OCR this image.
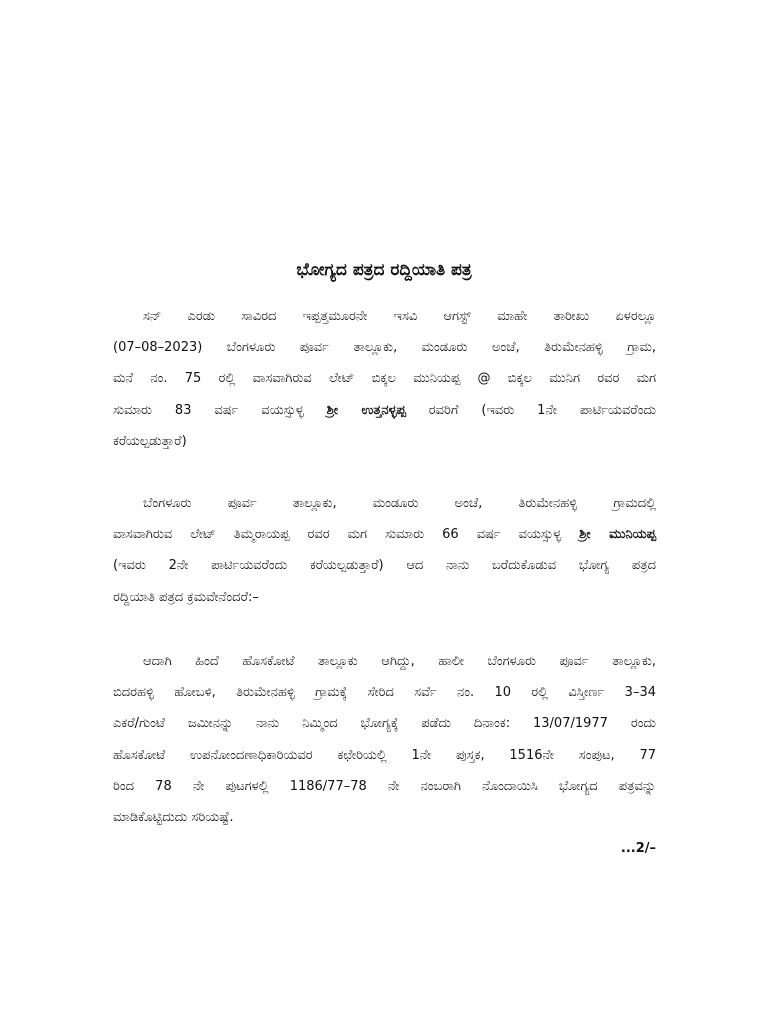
ಭೋಗ್ಯದ ಪತ್ರದ ರದ್ದಿಯಾತಿ ಪತ್ರ

ಸನ್ ಎರಡು ಸಾವಿರದ ಇಪ್ಪತ್ತಮೂರನೇ ಇಸವಿ ಆಗಸ್ಟ್ ಮಾಹೇ ತಾರೀಖು ಏಳರಲ್ಲೂ
(07–08–2023) ಬೆಂಗಳೂರು ಪೂರ್ವ ತಾಲ್ಲೂಕು, ಮಂಡೂರು ಅಂಚೆ, ತಿರುಮೇನಹಳ್ಳಿ ಗ್ರಾಮ,
ಮನೆ ನಂ. 75 ರಲ್ಲಿ ವಾಸವಾಗಿರುವ ಲೇಟ್ ಬಿಕ್ಕಲ ಮುನಿಯಪ್ಪ @ ಬಿಕ್ಕಲ ಮುನಿಗ ರವರ ಮಗ
ಸುಮಾರು 83 ವರ್ಷ ವಯಸ್ಸುಳ್ಳ ಶ್ರೀ ಉತ್ತನಳ್ಳಪ್ಪ ರವರಿಗೆ (ಇವರು 1ನೇ ಪಾರ್ಟಿಯವರೆಂದು
ಕರೆಯಲ್ಪಡುತ್ತಾರೆ)

ಬೆಂಗಳೂರು ಪೂರ್ವ ತಾಲ್ಲೂಕು, ಮಂಡೂರು ಅಂಚೆ, ತಿರುಮೇನಹಳ್ಳಿ ಗ್ರಾಮದಲ್ಲಿ
ವಾಸವಾಗಿರುವ ಲೇಟ್ ತಿಮ್ಮರಾಯಪ್ಪ ರವರ ಮಗ ಸುಮಾರು 66 ವರ್ಷ ವಯಸ್ಸುಳ್ಳ ಶ್ರೀ ಮುನಿಯಪ್ಪ
(ಇವರು 2ನೇ ಪಾರ್ಟಿಯವರೆಂದು ಕರೆಯಲ್ಪಡುತ್ತಾರೆ) ಆದ ನಾನು ಬರೆದುಕೊಡುವ ಭೋಗ್ಯ ಪತ್ರದ
ರದ್ದಿಯಾತಿ ಪತ್ರದ ಕ್ರಮವೇನೆಂದರೆ:–

ಆದಾಗಿ ಹಿಂದೆ ಹೊಸಕೋಟೆ ತಾಲ್ಲೂಕು ಆಗಿದ್ದು, ಹಾಲೀ ಬೆಂಗಳೂರು ಪೂರ್ವ ತಾಲ್ಲೂಕು,
ಬಿದರಹಳ್ಳಿ ಹೋಬಳಿ, ತಿರುಮೇನಹಳ್ಳಿ ಗ್ರಾಮಕ್ಕೆ ಸೇರಿದ ಸರ್ವೆ ನಂ. 10 ರಲ್ಲಿ ವಿಸ್ತೀರ್ಣ 3–34
ಎಕರೆ/ಗುಂಟೆ ಜಮೀನನ್ನು ನಾನು ನಿಮ್ಮಿಂದ ಭೋಗ್ಯಕ್ಕೆ ಪಡೆದು ದಿನಾಂಕ: 13/07/1977 ರಂದು
ಹೊಸಕೋಟೆ ಉಪನೋಂದಣಾಧಿಕಾರಿಯವರ ಕಛೇರಿಯಲ್ಲಿ 1ನೇ ಪುಸ್ತಕ, 1516ನೇ ಸಂಪುಟ, 77
ರಿಂದ 78 ನೇ ಪುಟಗಳಲ್ಲಿ 1186/77–78 ನೇ ನಂಬರಾಗಿ ನೊಂದಾಯಿಸಿ ಭೋಗ್ಯದ ಪತ್ರವನ್ನು
ಮಾಡಿಕೊಟ್ಟಿದುದು ಸರಿಯಷ್ಟೆ.

...2/–
